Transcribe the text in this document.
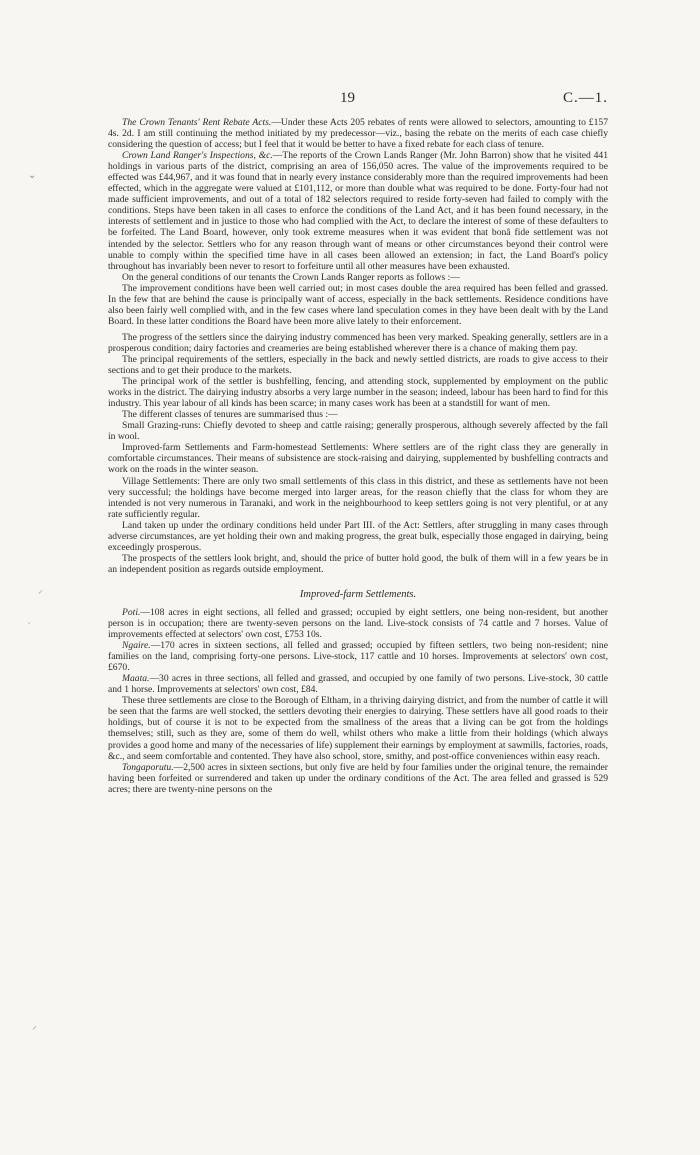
19	C.—1.
⌄
⸝
‵
⸍

The Crown Tenants' Rent Rebate Acts.—Under these Acts 205 rebates of rents were allowed to selectors, amounting to £157 4s. 2d. I am still continuing the method initiated by my predecessor—viz., basing the rebate on the merits of each case chiefly considering the question of access; but I feel that it would be better to have a fixed rebate for each class of tenure.

Crown Land Ranger's Inspections, &c.—The reports of the Crown Lands Ranger (Mr. John Barron) show that he visited 441 holdings in various parts of the district, comprising an area of 156,050 acres. The value of the improvements required to be effected was £44,967, and it was found that in nearly every instance considerably more than the required improvements had been effected, which in the aggregate were valued at £101,112, or more than double what was required to be done. Forty-four had not made sufficient improvements, and out of a total of 182 selectors required to reside forty-seven had failed to comply with the conditions. Steps have been taken in all cases to enforce the conditions of the Land Act, and it has been found necessary, in the interests of settlement and in justice to those who had complied with the Act, to declare the interest of some of these defaulters to be forfeited. The Land Board, however, only took extreme measures when it was evident that bonâ fide settlement was not intended by the selector. Settlers who for any reason through want of means or other circumstances beyond their control were unable to comply within the specified time have in all cases been allowed an extension; in fact, the Land Board's policy throughout has invariably been never to resort to forfeiture until all other measures have been exhausted.

On the general conditions of our tenants the Crown Lands Ranger reports as follows :—

The improvement conditions have been well carried out; in most cases double the area required has been felled and grassed. In the few that are behind the cause is principally want of access, especially in the back settlements. Residence conditions have also been fairly well complied with, and in the few cases where land speculation comes in they have been dealt with by the Land Board. In these latter conditions the Board have been more alive lately to their enforcement.

The progress of the settlers since the dairying industry commenced has been very marked. Speaking generally, settlers are in a prosperous condition; dairy factories and creameries are being established wherever there is a chance of making them pay.

The principal requirements of the settlers, especially in the back and newly settled districts, are roads to give access to their sections and to get their produce to the markets.

The principal work of the settler is bushfelling, fencing, and attending stock, supplemented by employment on the public works in the district. The dairying industry absorbs a very large number in the season; indeed, labour has been hard to find for this industry. This year labour of all kinds has been scarce; in many cases work has been at a standstill for want of men.

The different classes of tenures are summarised thus :—

Small Grazing-runs: Chiefly devoted to sheep and cattle raising; generally prosperous, although severely affected by the fall in wool.

Improved-farm Settlements and Farm-homestead Settlements: Where settlers are of the right class they are generally in comfortable circumstances. Their means of subsistence are stock-raising and dairying, supplemented by bushfelling contracts and work on the roads in the winter season.

Village Settlements: There are only two small settlements of this class in this district, and these as settlements have not been very successful; the holdings have become merged into larger areas, for the reason chiefly that the class for whom they are intended is not very numerous in Taranaki, and work in the neighbourhood to keep settlers going is not very plentiful, or at any rate sufficiently regular.

Land taken up under the ordinary conditions held under Part III. of the Act: Settlers, after struggling in many cases through adverse circumstances, are yet holding their own and making progress, the great bulk, especially those engaged in dairying, being exceedingly prosperous.

The prospects of the settlers look bright, and, should the price of butter hold good, the bulk of them will in a few years be in an independent position as regards outside employment.

Improved-farm Settlements.

Poti.—108 acres in eight sections, all felled and grassed; occupied by eight settlers, one being non-resident, but another person is in occupation; there are twenty-seven persons on the land. Live-stock consists of 74 cattle and 7 horses. Value of improvements effected at selectors' own cost, £753 10s.

Ngaire.—170 acres in sixteen sections, all felled and grassed; occupied by fifteen settlers, two being non-resident; nine families on the land, comprising forty-one persons. Live-stock, 117 cattle and 10 horses. Improvements at selectors' own cost, £670.

Maata.—30 acres in three sections, all felled and grassed, and occupied by one family of two persons. Live-stock, 30 cattle and 1 horse. Improvements at selectors' own cost, £84.

These three settlements are close to the Borough of Eltham, in a thriving dairying district, and from the number of cattle it will be seen that the farms are well stocked, the settlers devoting their energies to dairying. These settlers have all good roads to their holdings, but of course it is not to be expected from the smallness of the areas that a living can be got from the holdings themselves; still, such as they are, some of them do well, whilst others who make a little from their holdings (which always provides a good home and many of the necessaries of life) supplement their earnings by employment at sawmills, factories, roads, &c., and seem comfortable and contented. They have also school, store, smithy, and post-office conveniences within easy reach.

Tongaporutu.—2,500 acres in sixteen sections, but only five are held by four families under the original tenure, the remainder having been forfeited or surrendered and taken up under the ordinary conditions of the Act. The area felled and grassed is 529 acres; there are twenty-nine persons on the
